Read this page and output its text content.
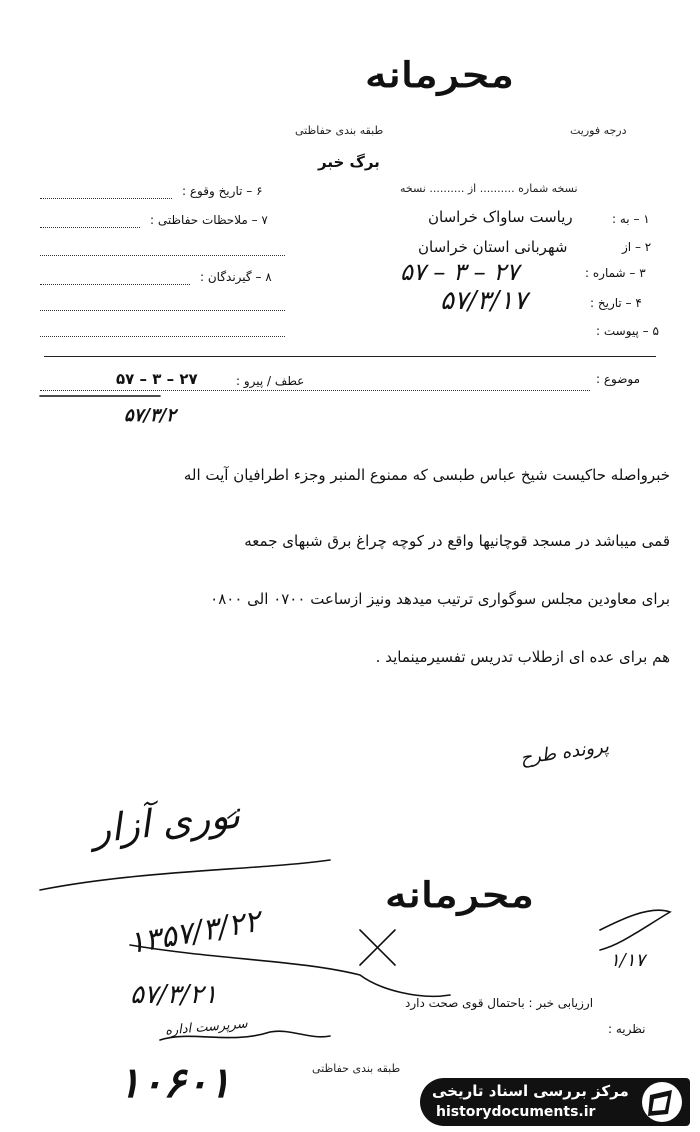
محرمانه
درجه فوریت
طبقه بندی حفاظتی
برگ خبر
۶ – تاریخ وقوع :
۷ – ملاحظات حفاظتی :
۸ – گیرندگان :
نسخه شماره .......... از .......... نسخه
۱ – به :
ریاست ساواک خراسان
۲ – از
شهربانی استان خراسان
۳ – شماره :
۲۷ – ۳ – ۵۷
۴ – تاریخ :
۵۷/۳/۱۷
۵ – پیوست :
موضوع :
عطف / پیرو :
۲۷ – ۳ – ۵۷
۵۷/۳/۲
خبرواصله حاکیست شیخ عباس طبسی که ممنوع المنبر وجزء اطرافیان آیت اله
قمی میباشد در مسجد قوچانیها واقع در کوچه چراغ برق شبهای جمعه
برای معاودین مجلس سوگواری ترتیب میدهد ونیز ازساعت ۰۷۰۰ الی ۰۸۰۰
هم برای عده ای ازطلاب تدریس تفسیرمینماید .
پرونده طرح
نوری آزار
۱۳۵۷/۳/۲۲
۵۷/۳/۲۱
سرپرست اداره
۱۰۶۰۱
۱/۱۷
محرمانه
ارزیابی خبر : باحتمال قوی صحت دارد
نظریه :
طبقه بندی حفاظتی
مرکز بررسی اسناد تاریخی
historydocuments.ir
